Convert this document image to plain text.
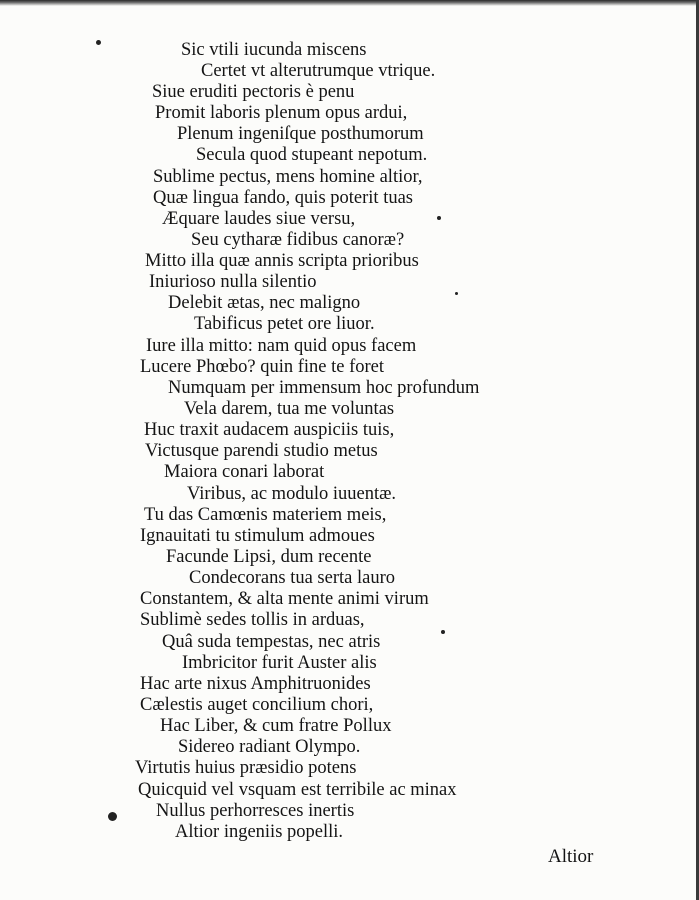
Sic vtili iucunda miscens
Certet vt alterutrumque vtrique.
Siue eruditi pectoris è penu
Promit laboris plenum opus ardui,
Plenum ingeniſque posthumorum
Secula quod stupeant nepotum.
Sublime pectus, mens homine altior,
Quæ lingua fando, quis poterit tuas
Æquare laudes siue versu,
Seu cytharæ fidibus canoræ?
Mitto illa quæ annis scripta prioribus
Iniurioso nulla silentio
Delebit ætas, nec maligno
Tabificus petet ore liuor.
Iure illa mitto: nam quid opus facem
Lucere Phœbo? quin fine te foret
Numquam per immensum hoc profundum
Vela darem, tua me voluntas
Huc traxit audacem auspiciis tuis,
Victusque parendi studio metus
Maiora conari laborat
Viribus, ac modulo iuuentæ.
Tu das Camœnis materiem meis,
Ignauitati tu stimulum admoues
Facunde Lipsi, dum recente
Condecorans tua serta lauro
Constantem, & alta mente animi virum
Sublimè sedes tollis in arduas,
Quâ suda tempestas, nec atris
Imbricitor furit Auster alis
Hac arte nixus Amphitruonides
Cælestis auget concilium chori,
Hac Liber, & cum fratre Pollux
Sidereo radiant Olympo.
Virtutis huius præsidio potens
Quicquid vel vsquam est terribile ac minax
Nullus perhorresces inertis
Altior ingeniis popelli.
Altior
